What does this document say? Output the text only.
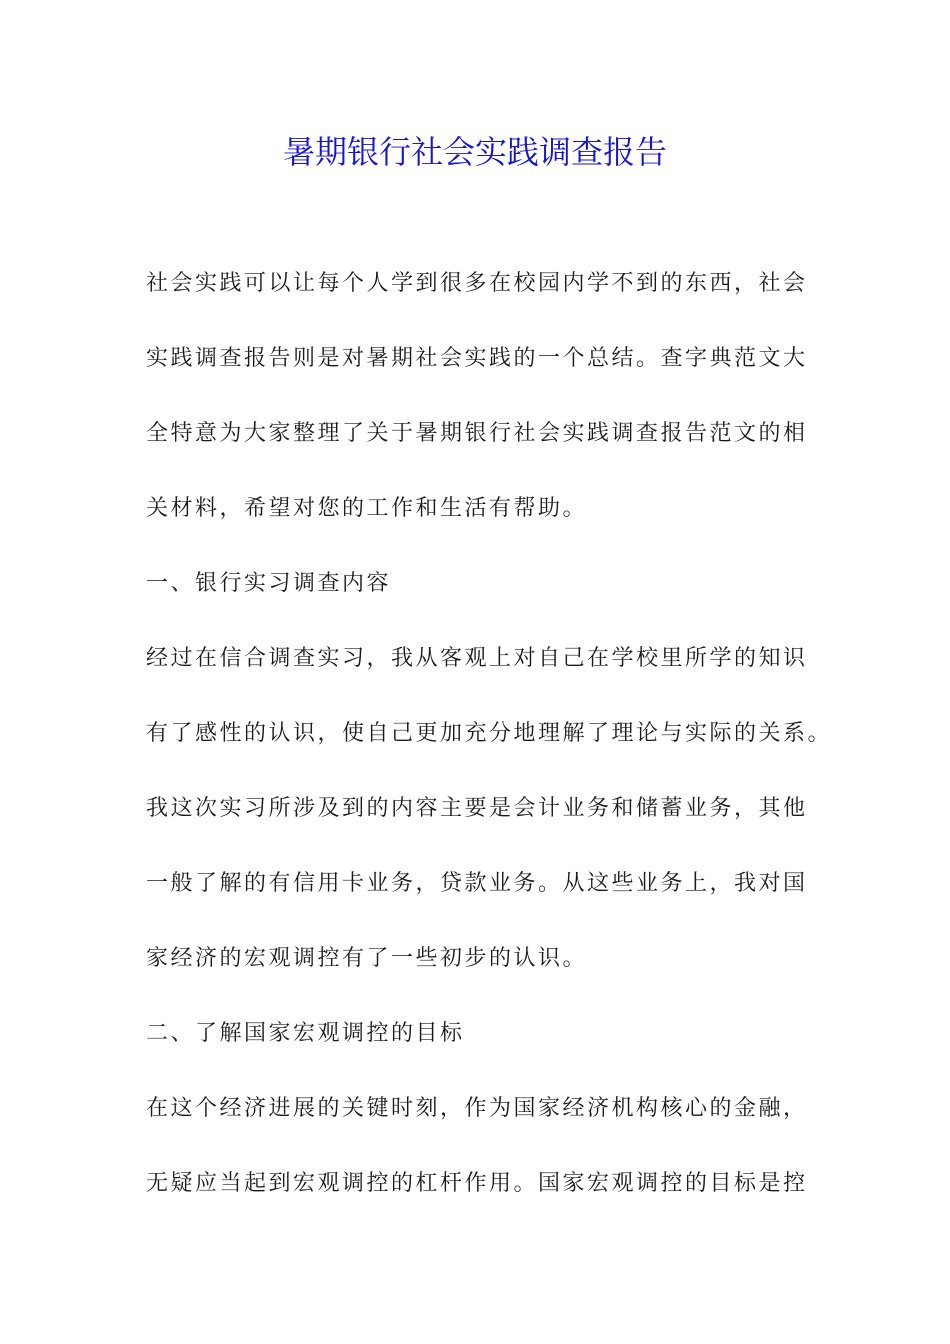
暑期银行社会实践调查报告
社会实践可以让每个人学到很多在校园内学不到的东西，社会
实践调查报告则是对暑期社会实践的一个总结。查字典范文大
全特意为大家整理了关于暑期银行社会实践调查报告范文的相
关材料，希望对您的工作和生活有帮助。
一、银行实习调查内容
经过在信合调查实习，我从客观上对自己在学校里所学的知识
有了感性的认识，使自己更加充分地理解了理论与实际的关系。
我这次实习所涉及到的内容主要是会计业务和储蓄业务，其他
一般了解的有信用卡业务，贷款业务。从这些业务上，我对国
家经济的宏观调控有了一些初步的认识。
二、了解国家宏观调控的目标
在这个经济进展的关键时刻，作为国家经济机构核心的金融，
无疑应当起到宏观调控的杠杆作用。国家宏观调控的目标是控
